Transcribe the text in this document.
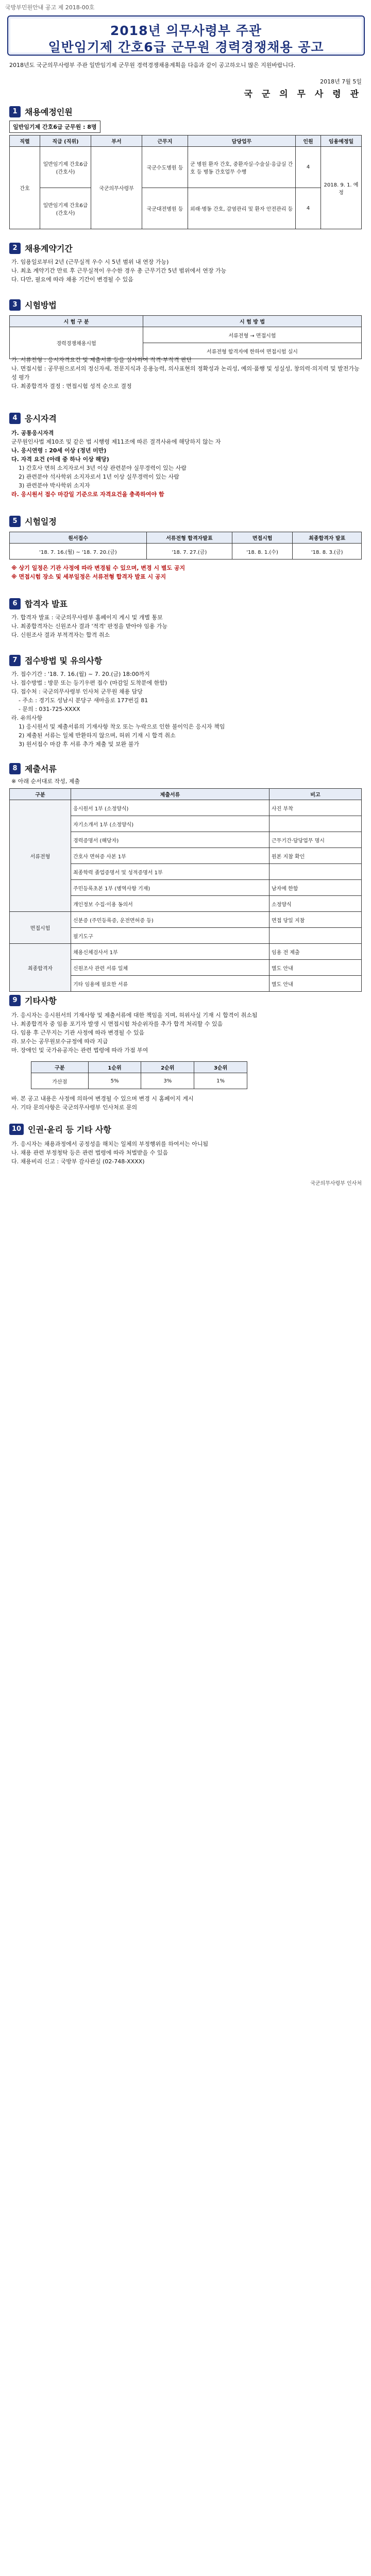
국방부민원안내 공고 제 2018-00호
2018년 의무사령부 주관
일반임기제 간호6급 군무원 경력경쟁채용 공고
2018년도 국군의무사령부 주관 일반임기제 군무원 경력경쟁채용계획을 다음과 같이 공고하오니 많은 지원바랍니다.
2018년 7월 5일
국 군 의 무 사 령 관
1 채용예정인원
일반임기제 간호6급 군무원 : 8명
직렬	직급 (직위)	부서	근무지	담당업무	인원	임용예정일
간호	일반임기제 간호6급 (간호사)	국군의무사령부	국군수도병원 등	군 병원 환자 간호, 중환자실·수술실·응급실 간호 등 병동 간호업무 수행	4	2018. 9. 1. 예정
	일반임기제 간호6급 (간호사)		국군대전병원 등	외래·병동 간호, 감염관리 및 환자 안전관리 등	4	
2 채용계약기간
가. 임용일로부터 2년 (근무실적 우수 시 5년 범위 내 연장 가능)
나. 최초 계약기간 만료 후 근무실적이 우수한 경우 총 근무기간 5년 범위에서 연장 가능
다. 다만, 필요에 따라 채용 기간이 변경될 수 있음
3 시험방법
시 험 구 분	시 험 방 법
경력경쟁채용시험	서류전형 → 면접시험
	서류전형 합격자에 한하여 면접시험 실시
가. 서류전형 : 응시자격요건 및 제출서류 등을 심사하여 적격·부적격 판단
나. 면접시험 : 공무원으로서의 정신자세, 전문지식과 응용능력, 의사표현의 정확성과 논리성, 예의·품행 및 성실성, 창의력·의지력 및 발전가능성 평가
다. 최종합격자 결정 : 면접시험 성적 순으로 결정
4 응시자격
가. 공통응시자격
군무원인사법 제10조 및 같은 법 시행령 제11조에 따른 결격사유에 해당하지 않는 자
나. 응시연령 : 20세 이상 (정년 미만)
다. 자격 요건 (아래 중 하나 이상 해당)
1) 간호사 면허 소지자로서 3년 이상 관련분야 실무경력이 있는 사람
2) 관련분야 석사학위 소지자로서 1년 이상 실무경력이 있는 사람
3) 관련분야 박사학위 소지자
라. 응시원서 접수 마감일 기준으로 자격요건을 충족하여야 함
5 시험일정
원서접수	서류전형 합격자발표	면접시험	최종합격자 발표
'18. 7. 16.(월) ~ '18. 7. 20.(금)	'18. 7. 27.(금)	'18. 8. 1.(수)	'18. 8. 3.(금)
※ 상기 일정은 기관 사정에 따라 변경될 수 있으며, 변경 시 별도 공지
※ 면접시험 장소 및 세부일정은 서류전형 합격자 발표 시 공지
6 합격자 발표
가. 합격자 발표 : 국군의무사령부 홈페이지 게시 및 개별 통보
나. 최종합격자는 신원조사 결과 '적격' 판정을 받아야 임용 가능
다. 신원조사 결과 부적격자는 합격 취소
7 접수방법 및 유의사항
가. 접수기간 : '18. 7. 16.(월) ~ 7. 20.(금) 18:00까지
나. 접수방법 : 방문 또는 등기우편 접수 (마감일 도착분에 한함)
다. 접수처 : 국군의무사령부 인사처 군무원 채용 담당
- 주소 : 경기도 성남시 분당구 새마을로 177번길 81
- 문의 : 031-725-XXXX
라. 유의사항
1) 응시원서 및 제출서류의 기재사항 착오 또는 누락으로 인한 불이익은 응시자 책임
2) 제출된 서류는 일체 반환하지 않으며, 허위 기재 시 합격 취소
3) 원서접수 마감 후 서류 추가 제출 및 보완 불가
8 제출서류
※ 아래 순서대로 작성, 제출
구분	제출서류	비고
서류전형	응시원서 1부 (소정양식)	사진 부착
	자기소개서 1부 (소정양식)	
	경력증명서 (해당자)	근무기간·담당업무 명시
	간호사 면허증 사본 1부	원본 지참 확인
	최종학력 졸업증명서 및 성적증명서 1부	
	주민등록초본 1부 (병역사항 기재)	남자에 한함
	개인정보 수집·이용 동의서	소정양식
면접시험	신분증 (주민등록증, 운전면허증 등)	면접 당일 지참
	필기도구	
최종합격자	채용신체검사서 1부	임용 전 제출
	신원조사 관련 서류 일체	별도 안내
	기타 임용에 필요한 서류	별도 안내
9 기타사항
가. 응시자는 응시원서의 기재사항 및 제출서류에 대한 책임을 지며, 허위사실 기재 시 합격이 취소됨
나. 최종합격자 중 임용 포기자 발생 시 면접시험 차순위자를 추가 합격 처리할 수 있음
다. 임용 후 근무지는 기관 사정에 따라 변경될 수 있음
라. 보수는 공무원보수규정에 따라 지급
마. 장애인 및 국가유공자는 관련 법령에 따라 가점 부여
구분	1순위	2순위	3순위
가산점	5%	3%	1%
바. 본 공고 내용은 사정에 의하여 변경될 수 있으며 변경 시 홈페이지 게시
사. 기타 문의사항은 국군의무사령부 인사처로 문의
10 인권·윤리 등 기타 사항
가. 응시자는 채용과정에서 공정성을 해치는 일체의 부정행위를 하여서는 아니됨
나. 채용 관련 부정청탁 등은 관련 법령에 따라 처벌받을 수 있음
다. 채용비리 신고 : 국방부 감사관실 (02-748-XXXX)
국군의무사령부 인사처
